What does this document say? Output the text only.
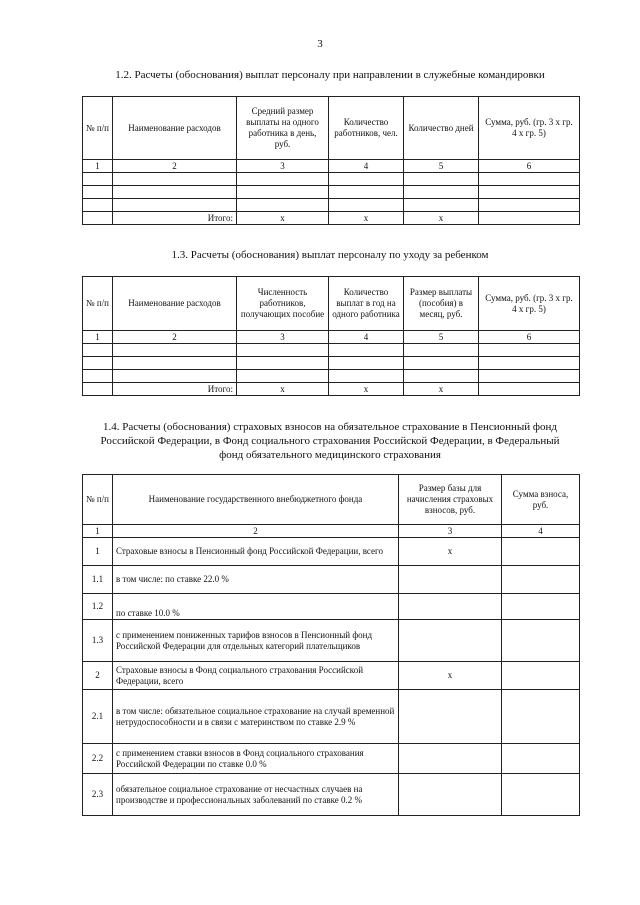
3
1.2. Расчеты (обоснования) выплат персоналу при направлении в служебные командировки
№ п/п	Наименование расходов	Средний размер выплаты на одного работника в день, руб.	Количество работников, чел.	Количество дней	Сумма, руб. (гр. 3 x гр. 4 x гр. 5)
1	2	3	4	5	6

	Итого:	x	x	x	
1.3. Расчеты (обоснования) выплат персоналу по уходу за ребенком
№ п/п	Наименование расходов	Численность работников, получающих пособие	Количество выплат в год на одного работника	Размер выплаты (пособия) в месяц, руб.	Сумма, руб. (гр. 3 x гр. 4 x гр. 5)
1	2	3	4	5	6

	Итого:	x	x	x	
1.4. Расчеты (обоснования) страховых взносов на обязательное страхование в Пенсионный фонд
Российской Федерации, в Фонд социального страхования Российской Федерации, в Федеральный
фонд обязательного медицинского страхования
№ п/п	Наименование государственного внебюджетного фонда	Размер базы для начисления страховых взносов, руб.	Сумма взноса, руб.
1	2	3	4
1	Страховые взносы в Пенсионный фонд Российской Федерации, всего	x	
1.1	в том числе: по ставке 22.0 %		
1.2	по ставке 10.0 %		
1.3	с применением пониженных тарифов взносов в Пенсионный фонд Российской Федерации для отдельных категорий плательщиков		
2	Страховые взносы в Фонд социального страхования Российской Федерации, всего	x	
2.1	в том числе: обязательное социальное страхование на случай временной нетрудоспособности и в связи с материнством по ставке 2.9 %		
2.2	с применением ставки взносов в Фонд социального страхования Российской Федерации по ставке 0.0 %		
2.3	обязательное социальное страхование от несчастных случаев на производстве и профессиональных заболеваний по ставке 0.2 %		
